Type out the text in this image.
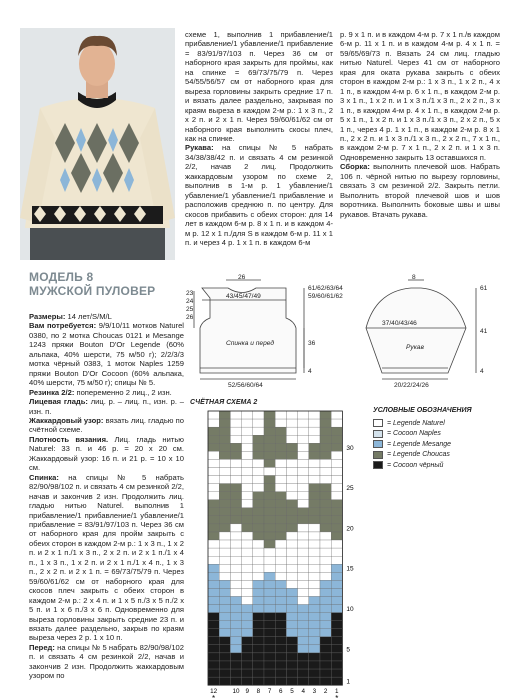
МОДЕЛЬ 8
МУЖСКОЙ ПУЛОВЕР

Размеры: 14 лет/S/M/L

Вам потребуется: 9/9/10/11 мотков Naturel 0380, по 2 мотка Choucas 0121 и Mesange 1243 пряжи Bouton D'Or Legende (60% альпака, 40% шерсти, 75 м/50 г); 2/2/3/3 мотка чёрный 0383, 1 моток Naples 1259 пряжи Bouton D'Or Cocoon (60% альпака, 40% шерсти, 75 м/50 г); спицы № 5.

Резинка 2/2: попеременно 2 лиц., 2 изн.

Лицевая гладь: лиц. р. – лиц. п., изн. р. – изн. п.

Жаккардовый узор: вязать лиц. гладью по счётной схеме.

Плотность вязания. Лиц. гладь нитью Naturel: 33 п. и 46 р. = 20 х 20 см. Жаккардовый узор: 16 п. и 21 р. = 10 х 10 см.

Спинка: на спицы № 5 набрать 82/90/98/102 п. и связать 4 см резинкой 2/2, начав и закончив 2 изн. Продолжить лиц. гладью нитью Naturel. выполнив 1 прибавление/1 прибавление/1 убавление/1 прибавление = 83/91/97/103 п. Через 36 см от наборного края для пройм закрыть с обеих сторон в каждом 2-м р.: 1 x 3 п., 1 x 2 п. и 2 x 1 п./1 x 3 п., 2 x 2 п. и 2 x 1 п./1 x 4 п., 1 x 3 п., 1 x 2 п. и 2 x 1 п./1 x 4 п., 1 x 3 п., 2 x 2 п. и 2 x 1 п. = 69/73/75/79 п. Через 59/60/61/62 см от наборного края для скосов плеч закрыть с обеих сторон в каждом 2-м р.: 2 x 4 п. и 1 x 5 п./3 x 5 п./2 x 5 п. и 1 x 6 п./3 x 6 п. Одновременно для выреза горловины закрыть средние 23 п. и вязать далее раздельно, закрыв по краям выреза через 2 р. 1 x 10 п.

Перед: на спицы № 5 набрать 82/90/98/102 п. и связать 4 см резинкой 2/2, начав и закончив 2 изн. Продолжить жаккардовым узором по

схеме 1, выполнив 1 прибавление/1 прибавление/1 убавление/1 прибавление = 83/91/97/103 п. Через 36 см от наборного края закрыть для проймы, как на спинке = 69/73/75/79 п. Через 54/55/56/57 см от наборного края для выреза горловины закрыть средние 17 п. и вязать далее раздельно, закрывая по краям выреза в каждом 2-м р.: 1 x 3 п., 2 x 2 п. и 2 x 1 п. Через 59/60/61/62 см от наборного края выполнить скосы плеч, как на спинке.

Рукава: на спицы № 5 набрать 34/38/38/42 п. и связать 4 см резинкой 2/2, начав 2 лиц. Продолжить жаккардовым узором по схеме 2, выполнив в 1-м р. 1 убавление/1 убавление/1 убавление/1 прибавление и расположив среднюю п. по центру. Для скосов прибавить с обеих сторон: для 14 лет в каждом 6-м р. 8 x 1 п. и в каждом 4-м р. 12 x 1 п./для S в каждом 6-м р. 11 x 1 п. и через 4 р. 1 x 1 п. в каждом 6-м

р. 9 x 1 п. и в каждом 4-м р. 7 x 1 п./в каждом 6-м р. 11 x 1 п. и в каждом 4-м р. 4 x 1 п. = 59/65/69/73 п. Вязать 24 см лиц. гладью нитью Naturel. Через 41 см от наборного края для оката рукава закрыть с обеих сторон в каждом 2-м р.: 1 x 3 п., 1 x 2 п., 4 x 1 п., в каждом 4-м р. 6 x 1 п., в каждом 2-м р. 3 x 1 п., 1 x 2 п. и 1 x 3 п./1 x 3 п., 2 x 2 п., 3 x 1 п., в каждом 4-м р. 4 x 1 п., в каждом 2-м р. 5 x 1 п., 1 x 2 п. и 1 x 3 п./1 x 3 п., 2 x 2 п., 5 x 1 п., через 4 р. 1 x 1 п., в каждом 2-м р. 8 x 1 п., 2 x 2 п. и 1 x 3 п./1 x 3 п., 2 x 2 п., 7 x 1 п., в каждом 2-м р. 7 x 1 п., 2 x 2 п. и 1 x 3 п. Одновременно закрыть 13 оставшихся п.

Сборка: выполнить плечевой шов. Набрать 106 п. чёрной нитью по вырезу горловины, связать 3 см резинкой 2/2. Закрыть петли. Выполнить второй плечевой шов и шов воротника. Выполнить боковые швы и швы рукавов. Втачать рукава.

26
43/45/47/49
52/56/60/64
61/62/63/64
59/60/61/62
23
24
25
26
36
4
Спинка и перед
8
37/40/43/46
20/22/24/26
61
41
4
Рукав
СЧЁТНАЯ СХЕМА 2
30
25
20
15
10
5
1
12 10 9 8 7 6 5 4 3 2 1
*	*
УСЛОВНЫЕ ОБОЗНАЧЕНИЯ
= Legende Naturel
= Cocoon Naples
= Legende Mesange
= Legende Choucas
= Cocoon чёрный
